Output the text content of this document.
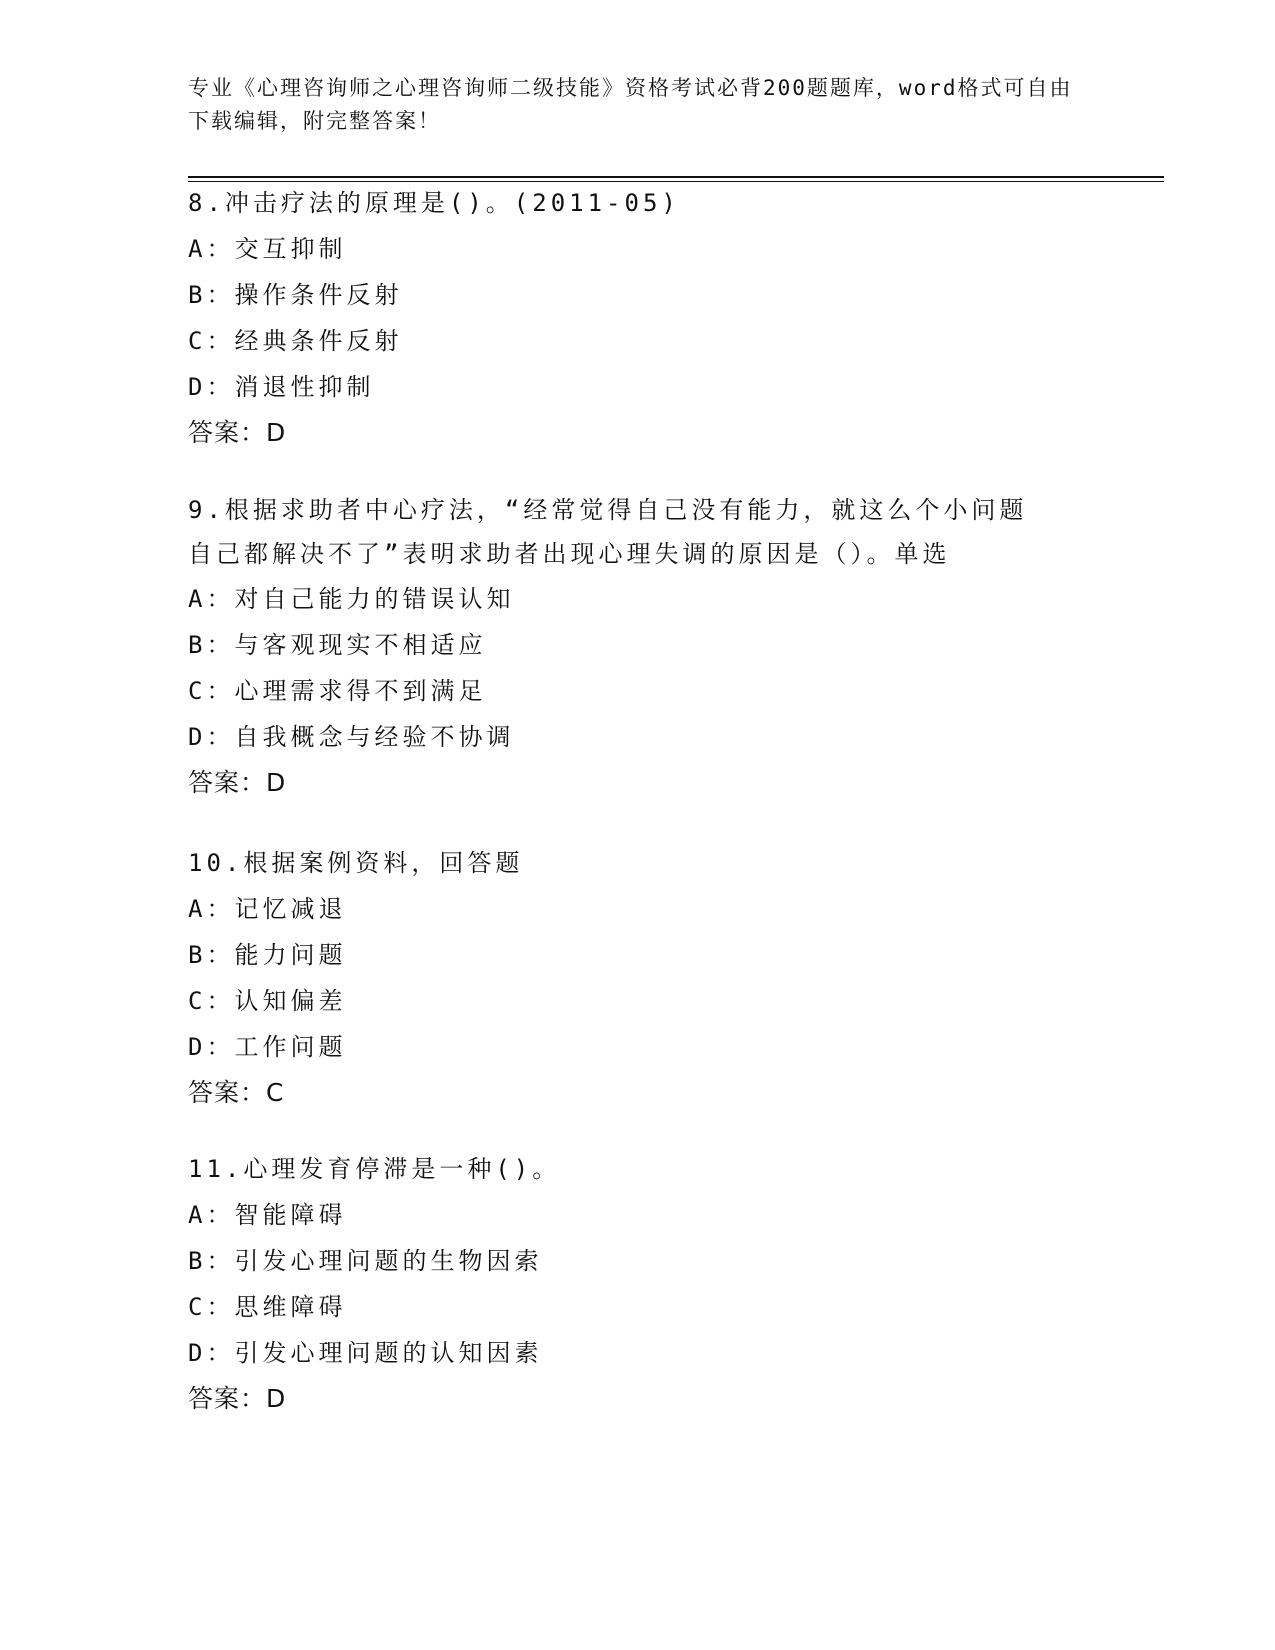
专业《心理咨询师之心理咨询师二级技能》资格考试必背200题题库，word格式可自由下载编辑，附完整答案！
8.冲击疗法的原理是()。(2011-05)
A：交互抑制
B：操作条件反射
C：经典条件反射
D：消退性抑制
答案：D
9.根据求助者中心疗法，“经常觉得自己没有能力，就这么个小问题自己都解决不了”表明求助者出现心理失调的原因是（）。单选
A：对自己能力的错误认知
B：与客观现实不相适应
C：心理需求得不到满足
D：自我概念与经验不协调
答案：D
10.根据案例资料，回答题
A：记忆减退
B：能力问题
C：认知偏差
D：工作问题
答案：C
11.心理发育停滞是一种()。
A：智能障碍
B：引发心理问题的生物因索
C：思维障碍
D：引发心理问题的认知因素
答案：D
